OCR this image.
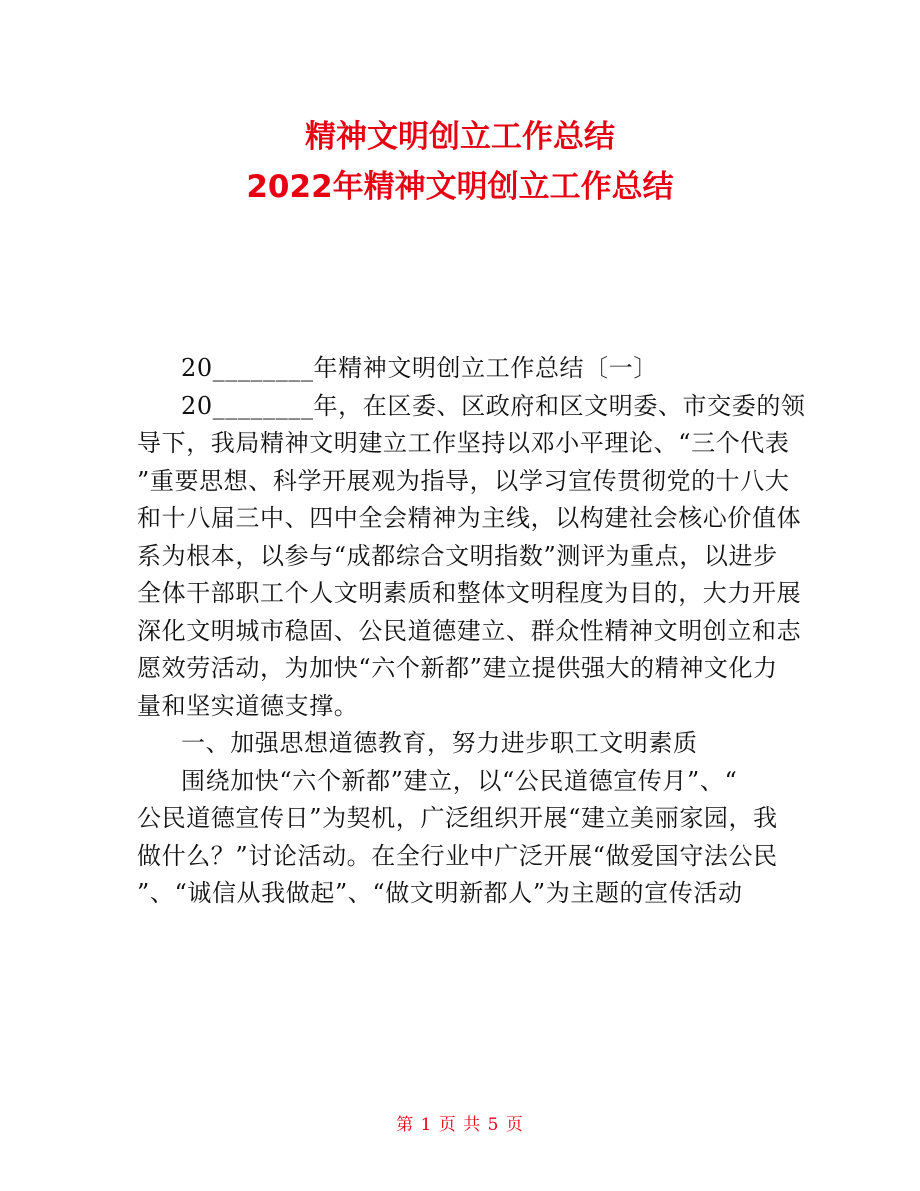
精神文明创立工作总结
2022年精神文明创立工作总结
20________年精神文明创立工作总结〔一〕
20________年，在区委、区政府和区文明委、市交委的领
导下，我局精神文明建立工作坚持以邓小平理论、“三个代表
”重要思想、科学开展观为指导，以学习宣传贯彻党的十八大
和十八届三中、四中全会精神为主线，以构建社会核心价值体
系为根本，以参与“成都综合文明指数”测评为重点，以进步
全体干部职工个人文明素质和整体文明程度为目的，大力开展
深化文明城市稳固、公民道德建立、群众性精神文明创立和志
愿效劳活动，为加快“六个新都”建立提供强大的精神文化力
量和坚实道德支撑。
一、加强思想道德教育，努力进步职工文明素质
围绕加快“六个新都”建立，以“公民道德宣传月”、“
公民道德宣传日”为契机，广泛组织开展“建立美丽家园，我
做什么？”讨论活动。在全行业中广泛开展“做爱国守法公民
”、“诚信从我做起”、“做文明新都人”为主题的宣传活动
第 1 页 共 5 页
